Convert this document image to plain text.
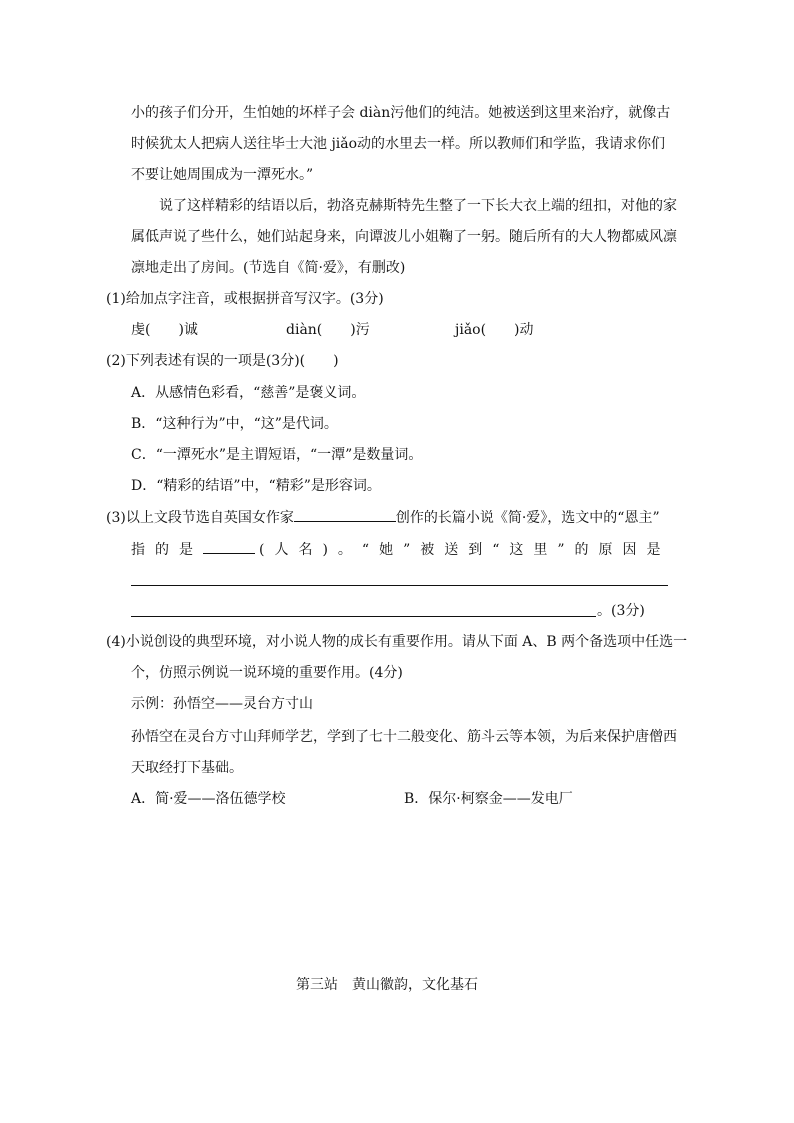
小的孩子们分开，生怕她的坏样子会 diàn污他们的纯洁。她被送到这里来治疗，就像古
时候犹太人把病人送往毕士大池 jiǎo动的水里去一样。所以教师们和学监，我请求你们
不要让她周围成为一潭死水。”
说了这样精彩的结语以后，勃洛克赫斯特先生整了一下长大衣上端的纽扣，对他的家
属低声说了些什么，她们站起身来，向谭波儿小姐鞠了一躬。随后所有的大人物都威风凛
凛地走出了房间。(节选自《简·爱》，有删改)
(1)给加点字注音，或根据拼音写汉字。(3分)
虔(　　)诚	diàn(　　)污	jiǎo(　　)动
(2)下列表述有误的一项是(3分)(　　)
A．从感情色彩看，“慈善”是褒义词。
B．“这种行为”中，“这”是代词。
C．“一潭死水”是主谓短语，“一潭”是数量词。
D．“精彩的结语”中，“精彩”是形容词。
(3)以上文段节选自英国女作家	创作的长篇小说《简·爱》，选文中的“恩主”
指的是	(人名)。“她”被送到“这里”的原因是
。(3分)
(4)小说创设的典型环境，对小说人物的成长有重要作用。请从下面 A、B 两个备选项中任选一
个，仿照示例说一说环境的重要作用。(4分)
示例：孙悟空——灵台方寸山
孙悟空在灵台方寸山拜师学艺，学到了七十二般变化、筋斗云等本领，为后来保护唐僧西
天取经打下基础。
A．简·爱——洛伍德学校	B．保尔·柯察金——发电厂
第三站　黄山徽韵，文化基石
